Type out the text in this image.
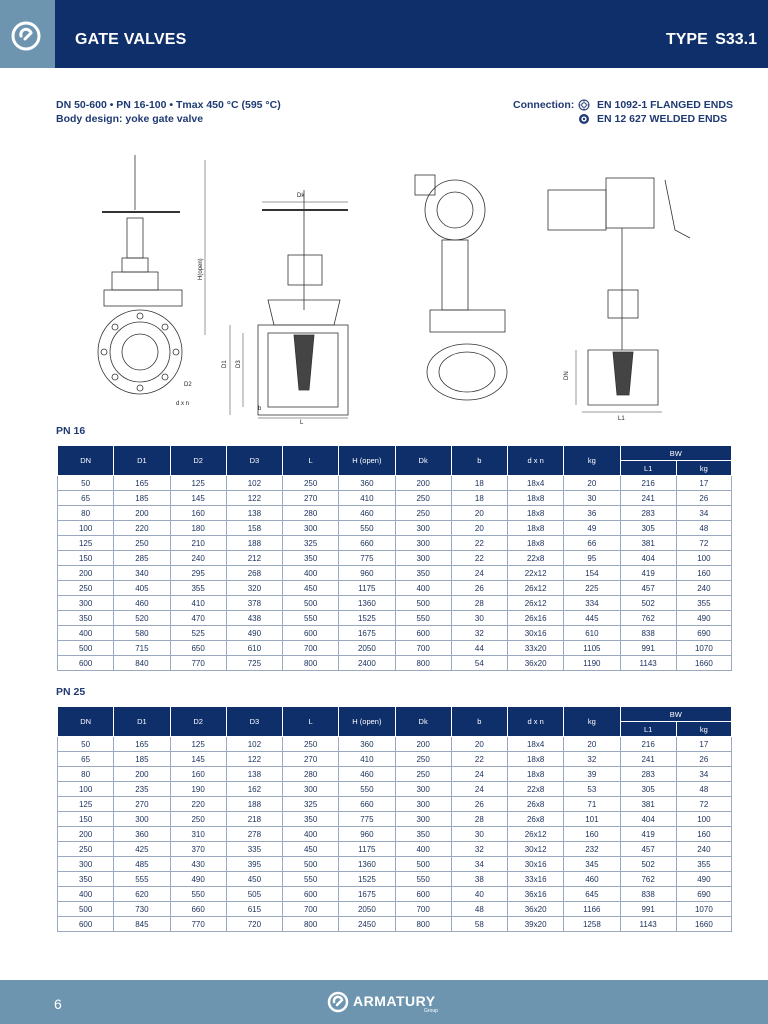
GATE VALVES	TYPE S33.1
DN 50-600 • PN 16-100 • Tmax 450 °C (595 °C)
Body design: yoke gate valve
Connection: EN 1092-1 FLANGED ENDS
EN 12 627 WELDED ENDS
H(open)
D2
d x n
Dk
D1 D3
b
L
DN
L1
PN 16
DN	D1	D2	D3	L	H (open)	Dk	b	d x n	kg	BW	
										L1	kg
50	165	125	102	250	360	200	18	18x4	20	216	17
65	185	145	122	270	410	250	18	18x8	30	241	26
80	200	160	138	280	460	250	20	18x8	36	283	34
100	220	180	158	300	550	300	20	18x8	49	305	48
125	250	210	188	325	660	300	22	18x8	66	381	72
150	285	240	212	350	775	300	22	22x8	95	404	100
200	340	295	268	400	960	350	24	22x12	154	419	160
250	405	355	320	450	1175	400	26	26x12	225	457	240
300	460	410	378	500	1360	500	28	26x12	334	502	355
350	520	470	438	550	1525	550	30	26x16	445	762	490
400	580	525	490	600	1675	600	32	30x16	610	838	690
500	715	650	610	700	2050	700	44	33x20	1105	991	1070
600	840	770	725	800	2400	800	54	36x20	1190	1143	1660
PN 25
DN	D1	D2	D3	L	H (open)	Dk	b	d x n	kg	BW	
										L1	kg
50	165	125	102	250	360	200	20	18x4	20	216	17
65	185	145	122	270	410	250	22	18x8	32	241	26
80	200	160	138	280	460	250	24	18x8	39	283	34
100	235	190	162	300	550	300	24	22x8	53	305	48
125	270	220	188	325	660	300	26	26x8	71	381	72
150	300	250	218	350	775	300	28	26x8	101	404	100
200	360	310	278	400	960	350	30	26x12	160	419	160
250	425	370	335	450	1175	400	32	30x12	232	457	240
300	485	430	395	500	1360	500	34	30x16	345	502	355
350	555	490	450	550	1525	550	38	33x16	460	762	490
400	620	550	505	600	1675	600	40	36x16	645	838	690
500	730	660	615	700	2050	700	48	36x20	1166	991	1070
600	845	770	720	800	2450	800	58	39x20	1258	1143	1660
6	ARMATURY
Group
